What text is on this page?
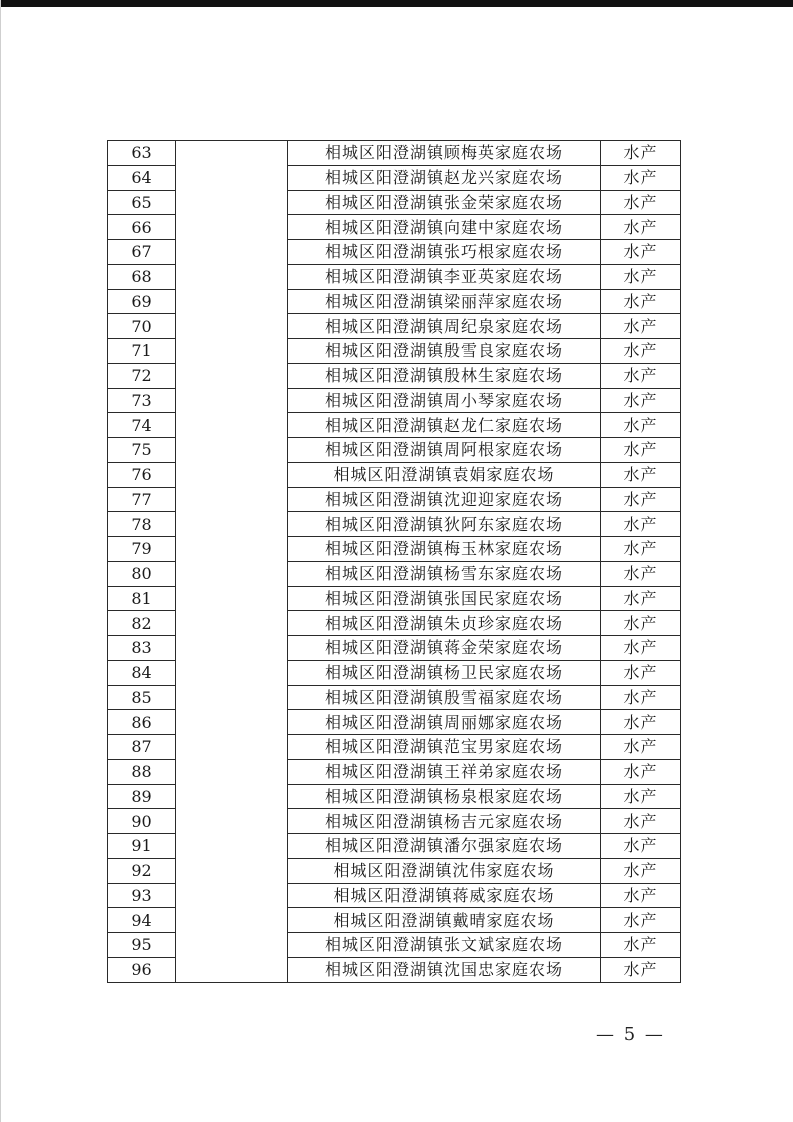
63		相城区阳澄湖镇顾梅英家庭农场	水产
64		相城区阳澄湖镇赵龙兴家庭农场	水产
65		相城区阳澄湖镇张金荣家庭农场	水产
66		相城区阳澄湖镇向建中家庭农场	水产
67		相城区阳澄湖镇张巧根家庭农场	水产
68		相城区阳澄湖镇李亚英家庭农场	水产
69		相城区阳澄湖镇梁丽萍家庭农场	水产
70		相城区阳澄湖镇周纪泉家庭农场	水产
71		相城区阳澄湖镇殷雪良家庭农场	水产
72		相城区阳澄湖镇殷林生家庭农场	水产
73		相城区阳澄湖镇周小琴家庭农场	水产
74		相城区阳澄湖镇赵龙仁家庭农场	水产
75		相城区阳澄湖镇周阿根家庭农场	水产
76		相城区阳澄湖镇袁娟家庭农场	水产
77		相城区阳澄湖镇沈迎迎家庭农场	水产
78		相城区阳澄湖镇狄阿东家庭农场	水产
79		相城区阳澄湖镇梅玉林家庭农场	水产
80		相城区阳澄湖镇杨雪东家庭农场	水产
81		相城区阳澄湖镇张国民家庭农场	水产
82		相城区阳澄湖镇朱贞珍家庭农场	水产
83		相城区阳澄湖镇蒋金荣家庭农场	水产
84		相城区阳澄湖镇杨卫民家庭农场	水产
85		相城区阳澄湖镇殷雪福家庭农场	水产
86		相城区阳澄湖镇周丽娜家庭农场	水产
87		相城区阳澄湖镇范宝男家庭农场	水产
88		相城区阳澄湖镇王祥弟家庭农场	水产
89		相城区阳澄湖镇杨泉根家庭农场	水产
90		相城区阳澄湖镇杨吉元家庭农场	水产
91		相城区阳澄湖镇潘尔强家庭农场	水产
92		相城区阳澄湖镇沈伟家庭农场	水产
93		相城区阳澄湖镇蒋威家庭农场	水产
94		相城区阳澄湖镇戴晴家庭农场	水产
95		相城区阳澄湖镇张文斌家庭农场	水产
96		相城区阳澄湖镇沈国忠家庭农场	水产
— 5 —
